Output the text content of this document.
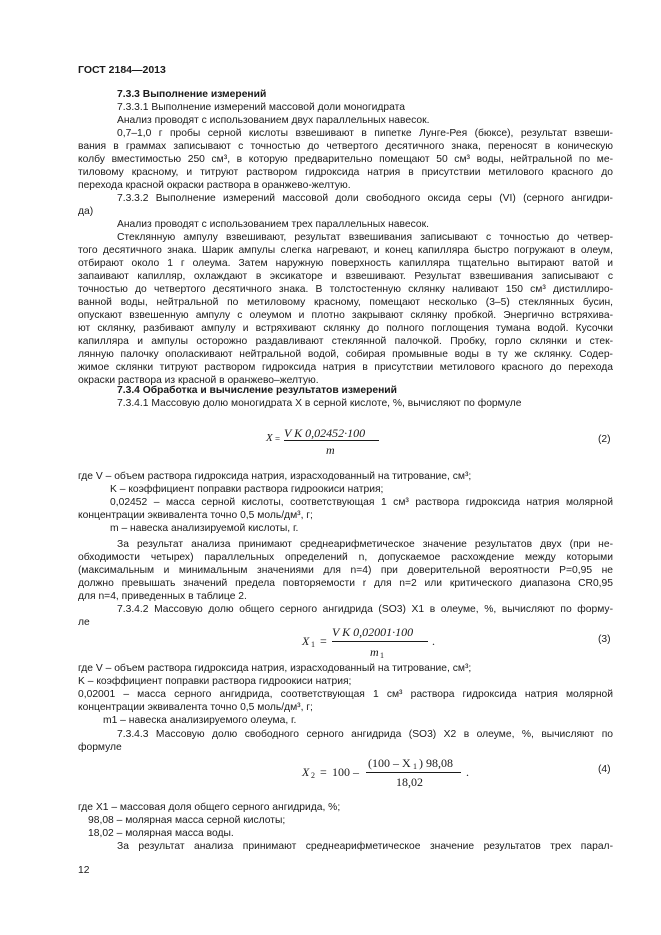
ГОСТ 2184—2013
7.3.3 Выполнение измерений
7.3.3.1 Выполнение измерений массовой доли моногидрата
Анализ проводят с использованием двух параллельных навесок.
0,7–1,0 г пробы серной кислоты взвешивают в пипетке Лунге-Рея (бюксе), результат взвеши-
вания в граммах записывают с точностью до четвертого десятичного знака, переносят в коническую
колбу вместимостью 250 см³, в которую предварительно помещают 50 см³ воды, нейтральной по ме-
тиловому красному, и титруют раствором гидроксида натрия в присутствии метилового красного до
перехода красной окраски раствора в оранжево-желтую.
7.3.3.2 Выполнение измерений массовой доли свободного оксида серы (VI) (серного ангидри-
да)
Анализ проводят с использованием трех параллельных навесок.
Стеклянную ампулу взвешивают, результат взвешивания записывают с точностью до четвер-
того десятичного знака. Шарик ампулы слегка нагревают, и конец капилляра быстро погружают в олеум,
отбирают около 1 г олеума. Затем наружную поверхность капилляра тщательно вытирают ватой и
запаивают капилляр, охлаждают в эксикаторе и взвешивают. Результат взвешивания записывают с
точностью до четвертого десятичного знака. В толстостенную склянку наливают 150 см³ дистиллиро-
ванной воды, нейтральной по метиловому красному, помещают несколько (3–5) стеклянных бусин,
опускают взвешенную ампулу с олеумом и плотно закрывают склянку пробкой. Энергично встряхива-
ют склянку, разбивают ампулу и встряхивают склянку до полного поглощения тумана водой. Кусочки
капилляра и ампулы осторожно раздавливают стеклянной палочкой. Пробку, горло склянки и стек-
лянную палочку ополаскивают нейтральной водой, собирая промывные воды в ту же склянку. Содер-
жимое склянки титруют раствором гидроксида натрия в присутствии метилового красного до перехода
окраски раствора из красной в оранжево–желтую.
7.3.4 Обработка и вычисление результатов измерений
7.3.4.1 Массовую долю моногидрата X в серной кислоте, %, вычисляют по формуле
X = V K 0,02452·100
m
(2)
где V – объем раствора гидроксида натрия, израсходованный на титрование, см³;
K – коэффициент поправки раствора гидроокиси натрия;
0,02452 – масса серной кислоты, соответствующая 1 см³ раствора гидроксида натрия молярной
концентрации эквивалента точно 0,5 моль/дм³, г;
m – навеска анализируемой кислоты, г.
За результат анализа принимают среднеарифметическое значение результатов двух (при не-
обходимости четырех) параллельных определений n, допускаемое расхождение между которыми
(максимальным и минимальным значениями для n=4) при доверительной вероятности P=0,95 не
должно превышать значений предела повторяемости r для n=2 или критического диапазона CR0,95
для n=4, приведенных в таблице 2.
7.3.4.2 Массовую долю общего серного ангидрида (SO3) X1 в олеуме, %, вычисляют по форму-
ле
X 1 =
V K 0,02001·100
m 1
.	(3)
где V – объем раствора гидроксида натрия, израсходованный на титрование, см³;
K – коэффициент поправки раствора гидроокиси натрия;
0,02001 – масса серного ангидрида, соответствующая 1 см³ раствора гидроксида натрия молярной
концентрации эквивалента точно 0,5 моль/дм³, г;
m1 – навеска анализируемого олеума, г.
7.3.4.3 Массовую долю свободного серного ангидрида (SO3) X2 в олеуме, %, вычисляют по
формуле
X 2 = 100 –
(100 – X 1 ) 98,08
18,02
.	(4)
где X1 – массовая доля общего серного ангидрида, %;
98,08 – молярная масса серной кислоты;
18,02 – молярная масса воды.
За результат анализа принимают среднеарифметическое значение результатов трех парал-
12
